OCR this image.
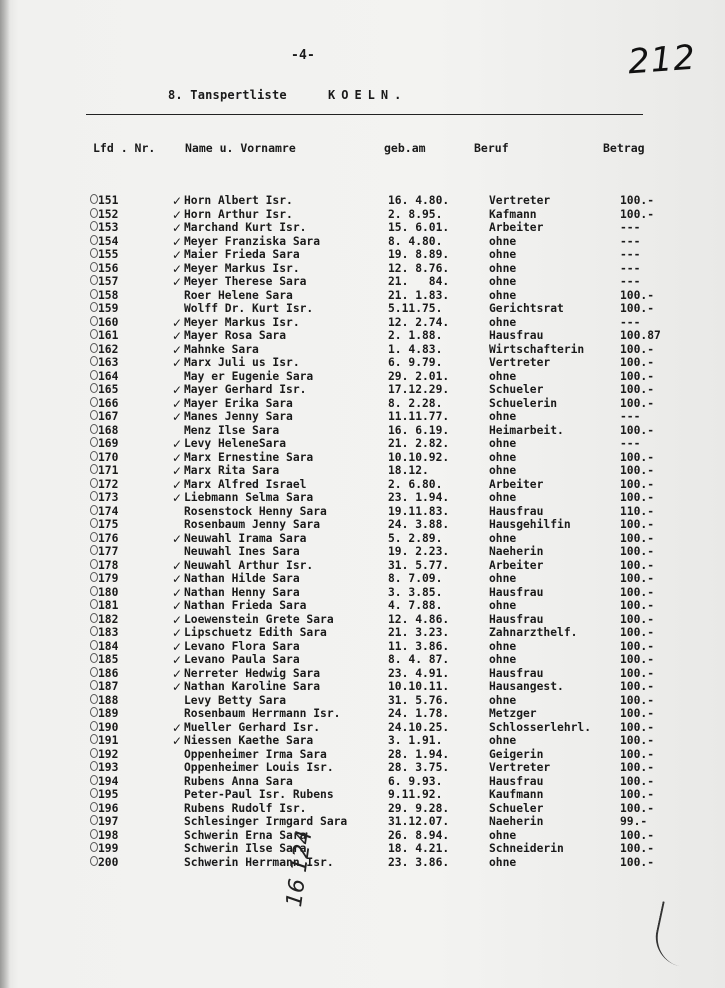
-4-	212
8. Tanspertliste	KOELN.
Lfd . Nr.	Name u. Vornamre	geb.am	Beruf	Betrag
151	✓ Horn Albert Isr.	16. 4.80.	Vertreter	100.-
152	✓ Horn Arthur Isr.	2. 8.95.	Kafmann	100.-
153	✓ Marchand Kurt Isr.	15. 6.01.	Arbeiter	---
154	✓ Meyer Franziska Sara	8. 4.80.	ohne	---
155	✓ Maier Frieda Sara	19. 8.89.	ohne	---
156	✓ Meyer Markus Isr.	12. 8.76.	ohne	---
157	✓ Meyer Therese Sara	21.   84.	ohne	---
158	Roer Helene Sara	21. 1.83.	ohne	100.-
159	Wolff Dr. Kurt Isr.	5.11.75.	Gerichtsrat	100.-
160	✓ Meyer Markus Isr.	12. 2.74.	ohne	---
161	✓ Mayer Rosa Sara	2. 1.88.	Hausfrau	100.87
162	✓ Mahnke Sara	1. 4.83.	Wirtschafterin	100.-
163	✓ Marx Juli us Isr.	6. 9.79.	Vertreter	100.-
164	May er Eugenie Sara	29. 2.01.	ohne	100.-
165	✓ Mayer Gerhard Isr.	17.12.29.	Schueler	100.-
166	✓ Mayer Erika Sara	8. 2.28.	Schuelerin	100.-
167	✓ Manes Jenny Sara	11.11.77.	ohne	---
168	Menz Ilse Sara	16. 6.19.	Heimarbeit.	100.-
169	✓ Levy HeleneSara	21. 2.82.	ohne	---
170	✓ Marx Ernestine Sara	10.10.92.	ohne	100.-
171	✓ Marx Rita Sara	18.12.	ohne	100.-
172	✓ Marx Alfred Israel	2. 6.80.	Arbeiter	100.-
173	✓ Liebmann Selma Sara	23. 1.94.	ohne	100.-
174	Rosenstock Henny Sara	19.11.83.	Hausfrau	110.-
175	Rosenbaum Jenny Sara	24. 3.88.	Hausgehilfin	100.-
176	✓ Neuwahl Irama Sara	5. 2.89.	ohne	100.-
177	Neuwahl Ines Sara	19. 2.23.	Naeherin	100.-
178	✓ Neuwahl Arthur Isr.	31. 5.77.	Arbeiter	100.-
179	✓ Nathan Hilde Sara	8. 7.09.	ohne	100.-
180	✓ Nathan Henny Sara	3. 3.85.	Hausfrau	100.-
181	✓ Nathan Frieda Sara	4. 7.88.	ohne	100.-
182	✓ Loewenstein Grete Sara	12. 4.86.	Hausfrau	100.-
183	✓ Lipschuetz Edith Sara	21. 3.23.	Zahnarzthelf.	100.-
184	✓ Levano Flora Sara	11. 3.86.	ohne	100.-
185	✓ Levano Paula Sara	8. 4. 87.	ohne	100.-
186	✓ Nerreter Hedwig Sara	23. 4.91.	Hausfrau	100.-
187	✓ Nathan Karoline Sara	10.10.11.	Hausangest.	100.-
188	Levy Betty Sara	31. 5.76.	ohne	100.-
189	Rosenbaum Herrmann Isr.	24. 1.78.	Metzger	100.-
190	✓ Mueller Gerhard Isr.	24.10.25.	Schlosserlehrl.	100.-
191	✓ Niessen Kaethe Sara	3. 1.91.	ohne	100.-
192	Oppenheimer Irma Sara	28. 1.94.	Geigerin	100.-
193	Oppenheimer Louis Isr.	28. 3.75.	Vertreter	100.-
194	Rubens Anna Sara	6. 9.93.	Hausfrau	100.-
195	Peter-Paul Isr. Rubens	9.11.92.	Kaufmann	100.-
196	Rubens Rudolf Isr.	29. 9.28.	Schueler	100.-
197	Schlesinger Irmgard Sara	31.12.07.	Naeherin	99.-
198	Schwerin Erna Sara	26. 8.94.	ohne	100.-
199	Schwerin Ilse Sara	18. 4.21.	Schneiderin	100.-
200	Schwerin Herrmann Isr.	23. 3.86.	ohne	100.-
16 124
